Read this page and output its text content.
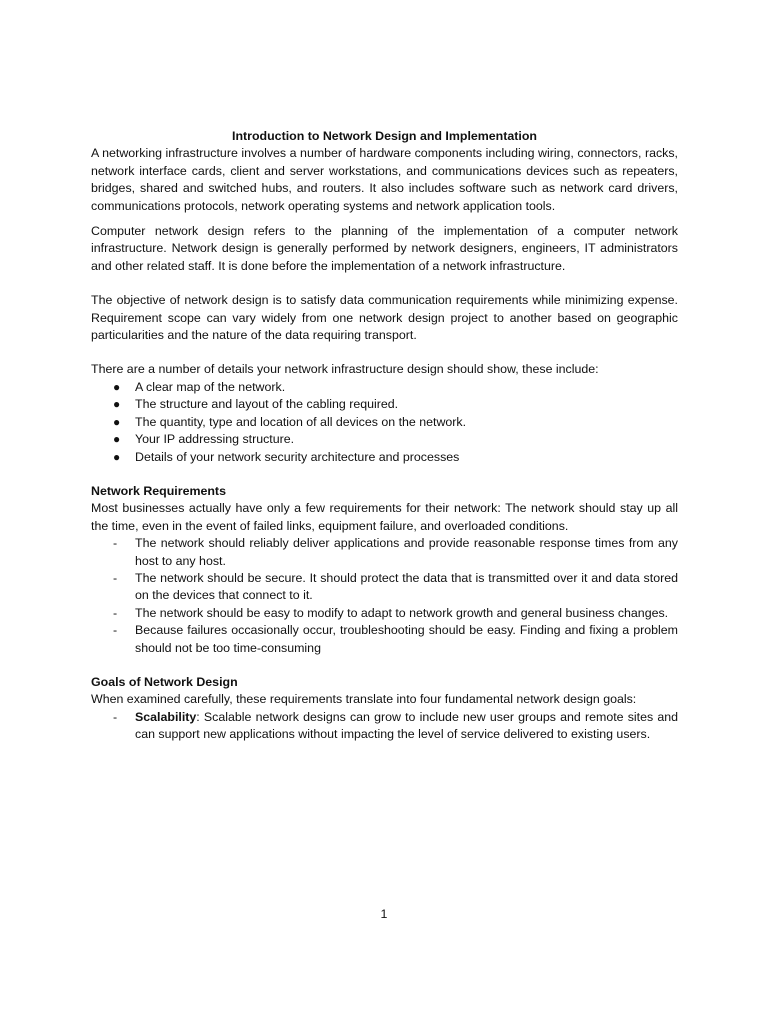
Introduction to Network Design and Implementation

A networking infrastructure involves a number of hardware components including wiring, connectors, racks, network interface cards, client and server workstations, and communications devices such as repeaters, bridges, shared and switched hubs, and routers. It also includes software such as network card drivers, communications protocols, network operating systems and network application tools.

Computer network design refers to the planning of the implementation of a computer network infrastructure. Network design is generally performed by network designers, engineers, IT administrators and other related staff. It is done before the implementation of a network infrastructure.

The objective of network design is to satisfy data communication requirements while minimizing expense. Requirement scope can vary widely from one network design project to another based on geographic particularities and the nature of the data requiring transport.

There are a number of details your network infrastructure design should show, these include:

● A clear map of the network.
● The structure and layout of the cabling required.
● The quantity, type and location of all devices on the network.
● Your IP addressing structure.
● Details of your network security architecture and processes

Network Requirements

Most businesses actually have only a few requirements for their network: The network should stay up all the time, even in the event of failed links, equipment failure, and overloaded conditions.

- The network should reliably deliver applications and provide reasonable response times from any host to any host.
- The network should be secure. It should protect the data that is transmitted over it and data stored on the devices that connect to it.
- The network should be easy to modify to adapt to network growth and general business changes.
- Because failures occasionally occur, troubleshooting should be easy. Finding and fixing a problem should not be too time-consuming

Goals of Network Design

When examined carefully, these requirements translate into four fundamental network design goals:

- Scalability: Scalable network designs can grow to include new user groups and remote sites and can support new applications without impacting the level of service delivered to existing users.
1
